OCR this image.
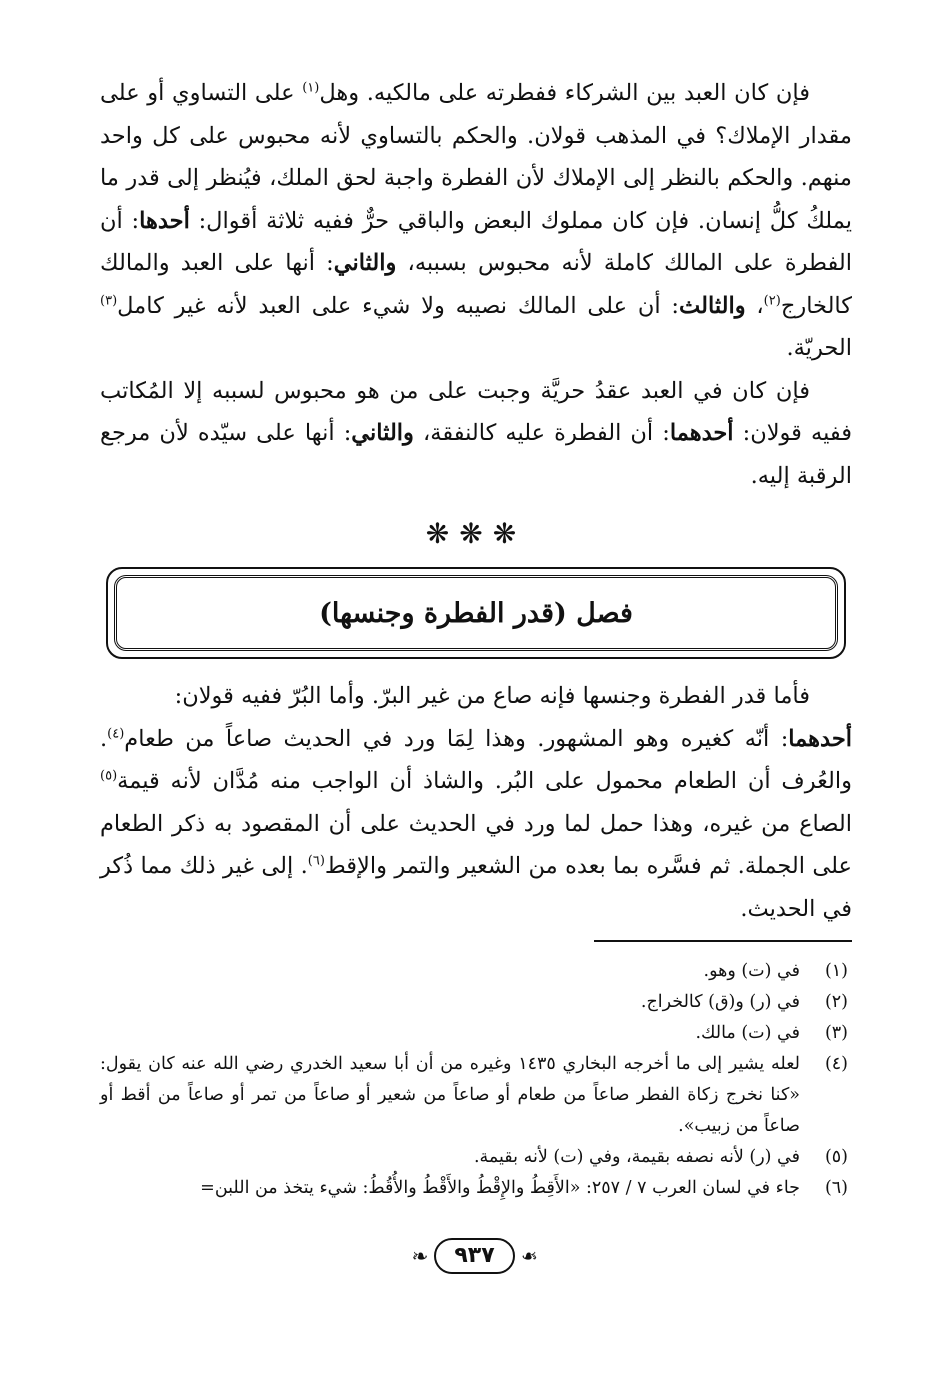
فإن كان العبد بين الشركاء ففطرته على مالكيه. وهل$^{(١)}$ على التساوي أو على مقدار الإملاك؟ في المذهب قولان. والحكم بالتساوي لأنه محبوس على كل واحد منهم. والحكم بالنظر إلى الإملاك لأن الفطرة واجبة لحق الملك، فيُنظر إلى قدر ما يملكُ كلُّ إنسان. فإن كان مملوك البعض والباقي حرٌّ ففيه ثلاثة أقوال: أحدها: أن الفطرة على المالك كاملة لأنه محبوس بسببه، والثاني: أنها على العبد والمالك كالخارج$^{(٢)}$، والثالث: أن على المالك نصيبه ولا شيء على العبد لأنه غير كامل$^{(٣)}$ الحريّة.

فإن كان في العبد عقدُ حريَّة وجبت على من هو محبوس لسببه إلا المُكاتب ففيه قولان: أحدهما: أن الفطرة عليه كالنفقة، والثاني: أنها على سيّده لأن مرجع الرقبة إليه.

❋❋❋
فصل (قدر الفطرة وجنسها)

فأما قدر الفطرة وجنسها فإنه صاع من غير البرّ. وأما البُرّ ففيه قولان:

أحدهما: أنّه كغيره وهو المشهور. وهذا لِمَا ورد في الحديث صاعاً من طعام$^{(٤)}$. والعُرف أن الطعام محمول على البُر. والشاذ أن الواجب منه مُدَّان لأنه قيمة$^{(٥)}$ الصاع من غيره، وهذا حمل لما ورد في الحديث على أن المقصود به ذكر الطعام على الجملة. ثم فسَّره بما بعده من الشعير والتمر والإقط$^{(٦)}$. إلى غير ذلك مما ذُكر في الحديث.

(١)
في (ت) وهو.
(٢)
في (ر) و(ق) كالخراج.
(٣)
في (ت) مالك.
(٤)
لعله يشير إلى ما أخرجه البخاري ١٤٣٥ وغيره من أن أبا سعيد الخدري رضي الله عنه كان يقول: «كنا نخرج زكاة الفطر صاعاً من طعام أو صاعاً من شعير أو صاعاً من تمر أو صاعاً من أقط أو صاعاً من زبيب».
(٥)
في (ر) لأنه نصفه بقيمة، وفي (ت) لأنه بقيمة.
(٦)
جاء في لسان العرب ٧ / ٢٥٧: «الأَقِطُ والإِقْطُ والأَقْطُ والأُقُطُ: شيء يتخذ من اللبن=
❧	٩٣٧	❧
